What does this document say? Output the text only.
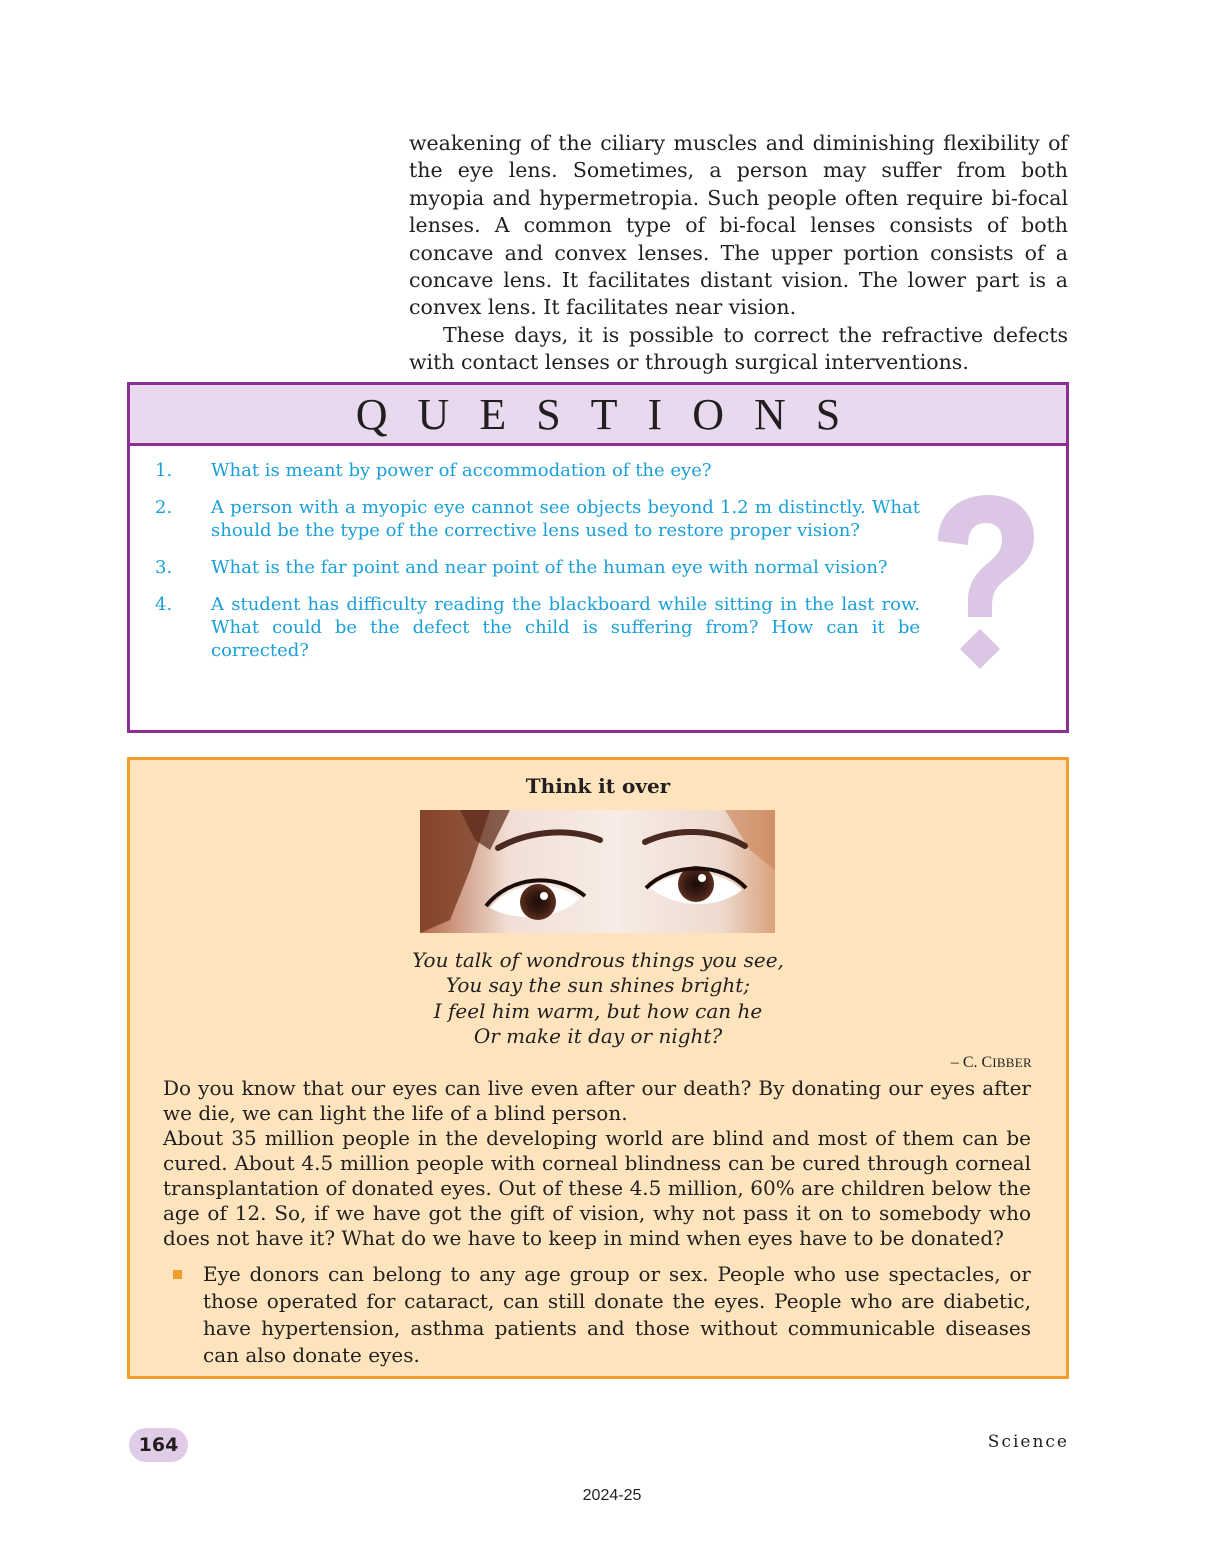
weakening of the ciliary muscles and diminishing flexibility of the eye lens. Sometimes, a person may suffer from both myopia and hypermetropia. Such people often require bi-focal lenses. A common type of bi-focal lenses consists of both concave and convex lenses. The upper portion consists of a concave lens. It facilitates distant vision. The lower part is a convex lens. It facilitates near vision.

These days, it is possible to correct the refractive defects with contact lenses or through surgical interventions.

QUESTIONS
1.	What is meant by power of accommodation of the eye?
2.	A person with a myopic eye cannot see objects beyond 1.2 m distinctly. What should be the type of the corrective lens used to restore proper vision?
3.	What is the far point and near point of the human eye with normal vision?
4.	A student has difficulty reading the blackboard while sitting in the last row. What could be the defect the child is suffering from? How can it be corrected?
Think it over
You talk of wondrous things you see,
You say the sun shines bright;
I feel him warm, but how can he
Or make it day or night?
– C. CIBBER

Do you know that our eyes can live even after our death? By donating our eyes after we die, we can light the life of a blind person.

About 35 million people in the developing world are blind and most of them can be cured. About 4.5 million people with corneal blindness can be cured through corneal transplantation of donated eyes. Out of these 4.5 million, 60% are children below the age of 12. So, if we have got the gift of vision, why not pass it on to somebody who does not have it? What do we have to keep in mind when eyes have to be donated?

Eye donors can belong to any age group or sex. People who use spectacles, or those operated for cataract, can still donate the eyes. People who are diabetic, have hypertension, asthma patients and those without communicable diseases can also donate eyes.
164	Science
2024-25
